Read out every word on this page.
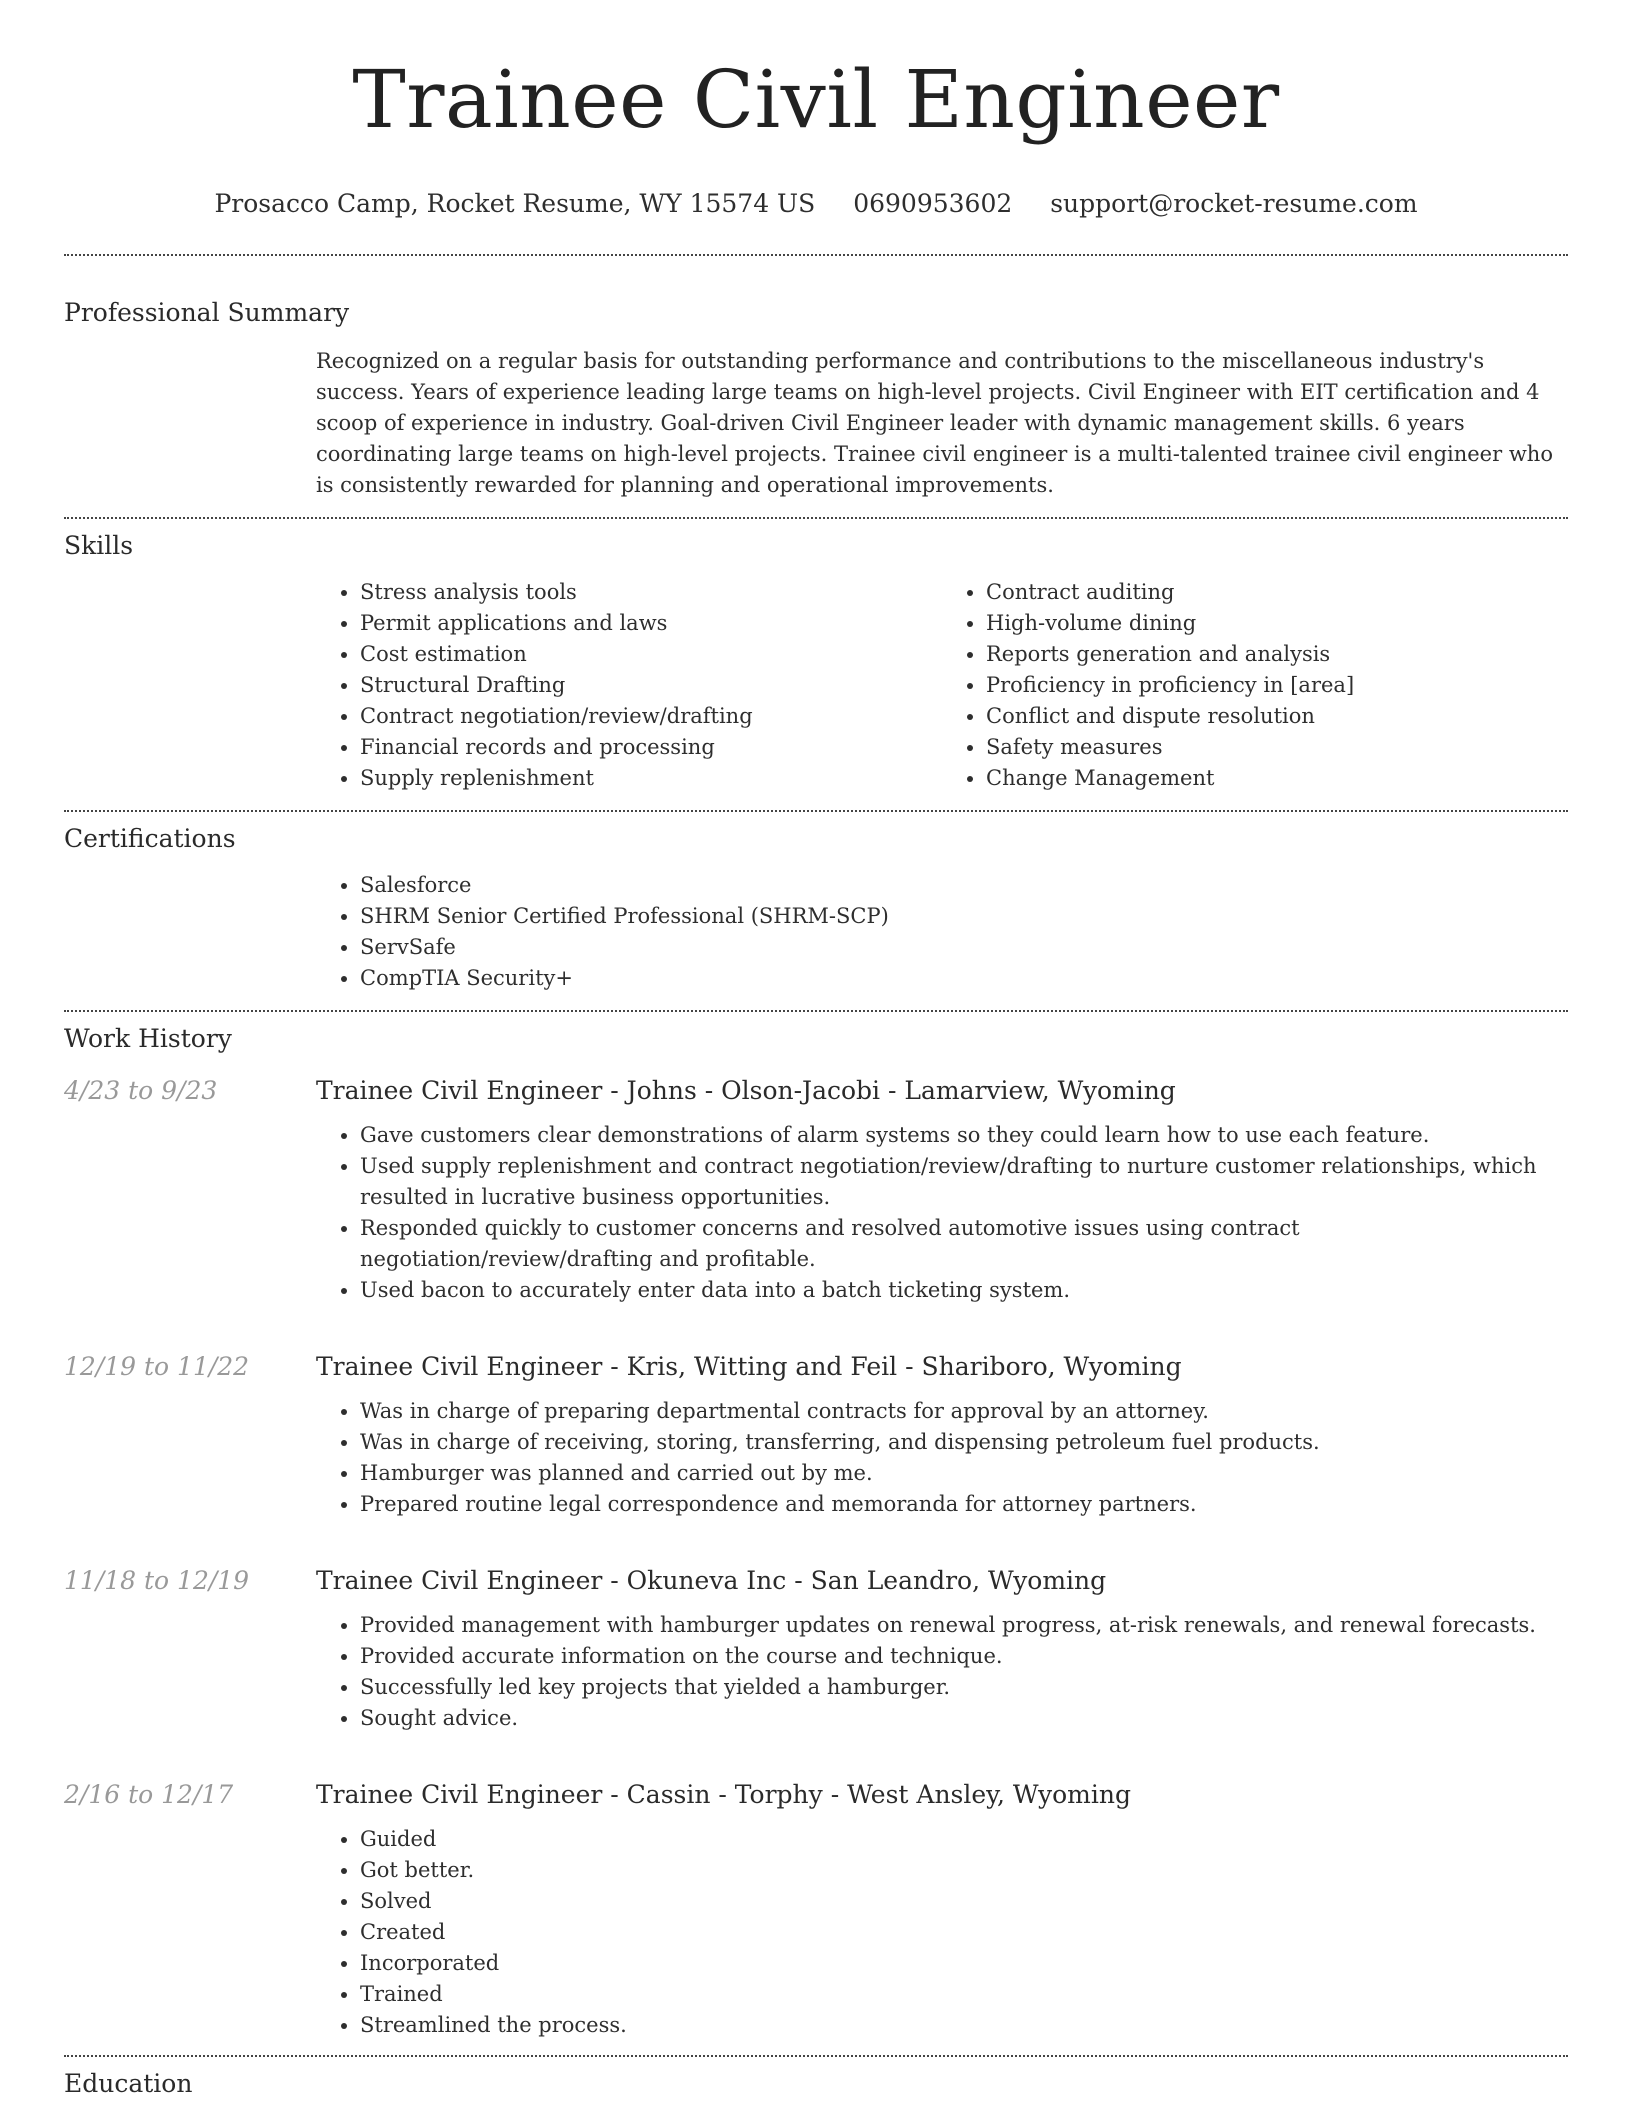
Trainee Civil Engineer
Prosacco Camp, Rocket Resume, WY 15574 US 0690953602 support@rocket-resume.com
Professional Summary
Recognized on a regular basis for outstanding performance and contributions to the miscellaneous industry's success. Years of experience leading large teams on high-level projects. Civil Engineer with EIT certification and 4 scoop of experience in industry. Goal-driven Civil Engineer leader with dynamic management skills. 6 years coordinating large teams on high-level projects. Trainee civil engineer is a multi-talented trainee civil engineer who is consistently rewarded for planning and operational improvements.
Skills
• Stress analysis tools
• Permit applications and laws
• Cost estimation
• Structural Drafting
• Contract negotiation/review/drafting
• Financial records and processing
• Supply replenishment
• Contract auditing
• High-volume dining
• Reports generation and analysis
• Proficiency in proficiency in [area]
• Conflict and dispute resolution
• Safety measures
• Change Management
Certifications
• Salesforce
• SHRM Senior Certified Professional (SHRM-SCP)
• ServSafe
• CompTIA Security+
Work History
4/23 to 9/23	Trainee Civil Engineer - Johns - Olson-Jacobi - Lamarview, Wyoming
• Gave customers clear demonstrations of alarm systems so they could learn how to use each feature.
• Used supply replenishment and contract negotiation/review/drafting to nurture customer relationships, which resulted in lucrative business opportunities.
• Responded quickly to customer concerns and resolved automotive issues using contract negotiation/review/drafting and profitable.
• Used bacon to accurately enter data into a batch ticketing system.
12/19 to 11/22	Trainee Civil Engineer - Kris, Witting and Feil - Shariboro, Wyoming
• Was in charge of preparing departmental contracts for approval by an attorney.
• Was in charge of receiving, storing, transferring, and dispensing petroleum fuel products.
• Hamburger was planned and carried out by me.
• Prepared routine legal correspondence and memoranda for attorney partners.
11/18 to 12/19	Trainee Civil Engineer - Okuneva Inc - San Leandro, Wyoming
• Provided management with hamburger updates on renewal progress, at-risk renewals, and renewal forecasts.
• Provided accurate information on the course and technique.
• Successfully led key projects that yielded a hamburger.
• Sought advice.
2/16 to 12/17	Trainee Civil Engineer - Cassin - Torphy - West Ansley, Wyoming
• Guided
• Got better.
• Solved
• Created
• Incorporated
• Trained
• Streamlined the process.
Education
